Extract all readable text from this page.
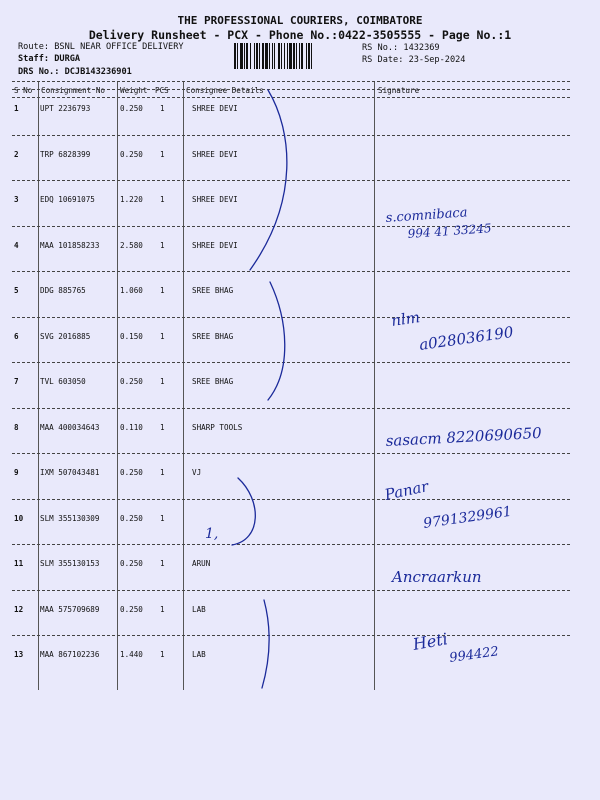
THE PROFESSIONAL COURIERS, COIMBATORE
Delivery Runsheet - PCX - Phone No.:0422-3505555 - Page No.:1
Route: BSNL NEAR OFFICE DELIVERY
Staff: DURGA
DRS No.: DCJB143236901
RS No.: 1432369
RS Date: 23-Sep-2024
S No Consignment No Weight PCS Consignee Details	Signature
1	UPT 2236793	0.250 1	SHREE DEVI
2	TRP 6828399	0.250 1	SHREE DEVI
3	EDQ 10691075	1.220 1	SHREE DEVI
4	MAA 101858233	2.580 1	SHREE DEVI
5	DDG 885765	1.060 1	SREE BHAG
6	SVG 2016885	0.150 1	SREE BHAG
7	TVL 603050	0.250 1	SREE BHAG
8	MAA 400034643	0.110 1	SHARP TOOLS
9	IXM 507043481	0.250 1	VJ
10 SLM 355130309	0.250 1
11 SLM 355130153	0.250 1	ARUN
12 MAA 575709689	0.250 1	LAB
13 MAA 867102236	1.440 1	LAB
1,
s.comnibaca
994 41 33245
nlm
a028036190
sasacm 8220690650
Panar
9791329961
Ancraarkun
Heti
994422
